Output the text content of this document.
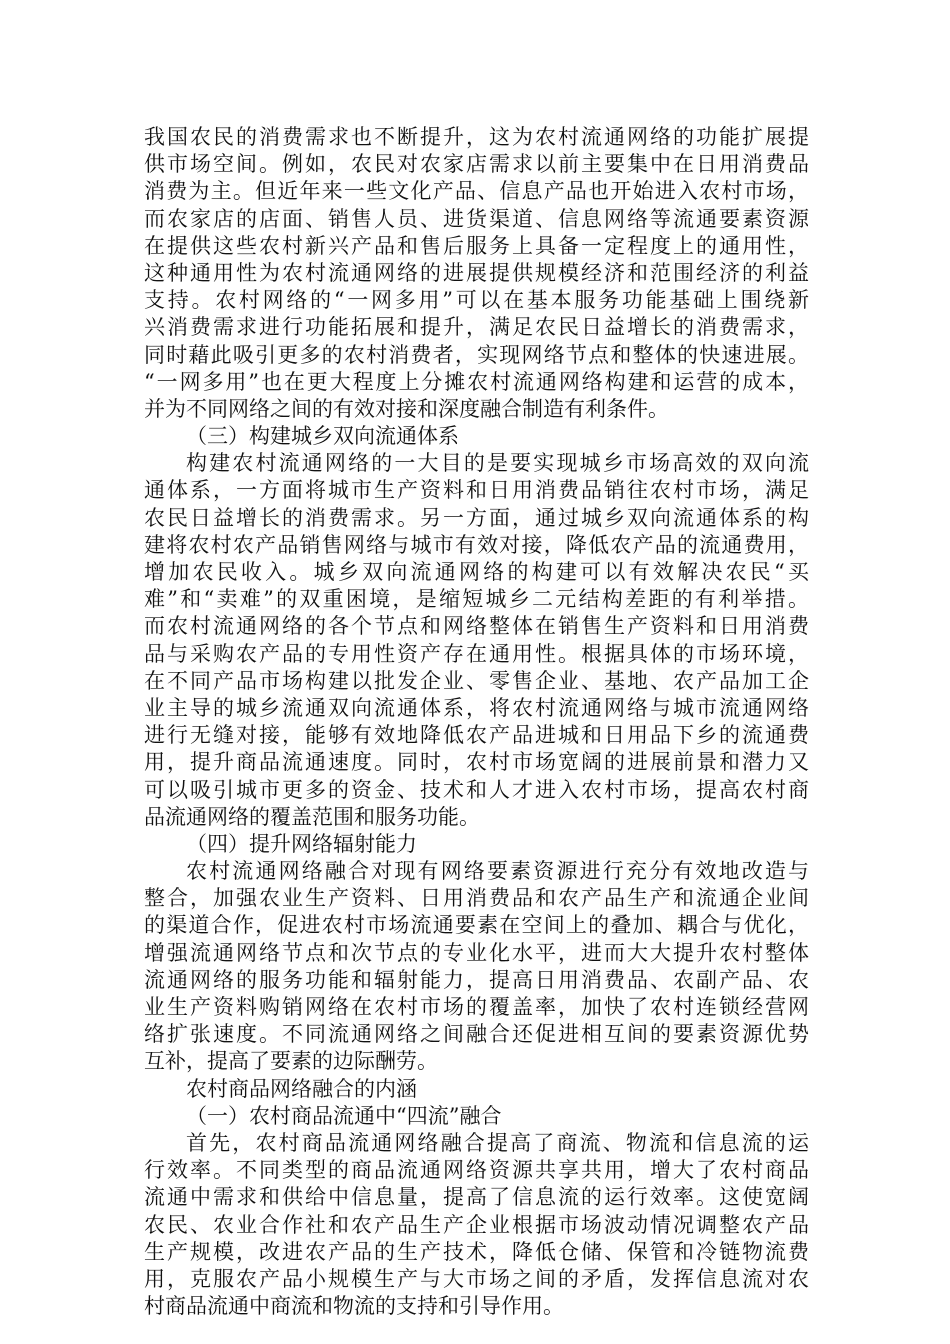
我国农民的消费需求也不断提升，这为农村流通网络的功能扩展提
供市场空间。例如，农民对农家店需求以前主要集中在日用消费品
消费为主。但近年来一些文化产品、信息产品也开始进入农村市场，
而农家店的店面、销售人员、进货渠道、信息网络等流通要素资源
在提供这些农村新兴产品和售后服务上具备一定程度上的通用性，
这种通用性为农村流通网络的进展提供规模经济和范围经济的利益
支持。农村网络的“一网多用”可以在基本服务功能基础上围绕新
兴消费需求进行功能拓展和提升，满足农民日益增长的消费需求，
同时藉此吸引更多的农村消费者，实现网络节点和整体的快速进展。
“一网多用”也在更大程度上分摊农村流通网络构建和运营的成本，
并为不同网络之间的有效对接和深度融合制造有利条件。
（三）构建城乡双向流通体系
构建农村流通网络的一大目的是要实现城乡市场高效的双向流
通体系，一方面将城市生产资料和日用消费品销往农村市场，满足
农民日益增长的消费需求。另一方面，通过城乡双向流通体系的构
建将农村农产品销售网络与城市有效对接，降低农产品的流通费用，
增加农民收入。城乡双向流通网络的构建可以有效解决农民“买
难”和“卖难”的双重困境，是缩短城乡二元结构差距的有利举措。
而农村流通网络的各个节点和网络整体在销售生产资料和日用消费
品与采购农产品的专用性资产存在通用性。根据具体的市场环境，
在不同产品市场构建以批发企业、零售企业、基地、农产品加工企
业主导的城乡流通双向流通体系，将农村流通网络与城市流通网络
进行无缝对接，能够有效地降低农产品进城和日用品下乡的流通费
用，提升商品流通速度。同时，农村市场宽阔的进展前景和潜力又
可以吸引城市更多的资金、技术和人才进入农村市场，提高农村商
品流通网络的覆盖范围和服务功能。
（四）提升网络辐射能力
农村流通网络融合对现有网络要素资源进行充分有效地改造与
整合，加强农业生产资料、日用消费品和农产品生产和流通企业间
的渠道合作，促进农村市场流通要素在空间上的叠加、耦合与优化，
增强流通网络节点和次节点的专业化水平，进而大大提升农村整体
流通网络的服务功能和辐射能力，提高日用消费品、农副产品、农
业生产资料购销网络在农村市场的覆盖率，加快了农村连锁经营网
络扩张速度。不同流通网络之间融合还促进相互间的要素资源优势
互补，提高了要素的边际酬劳。
农村商品网络融合的内涵
（一）农村商品流通中“四流”融合
首先，农村商品流通网络融合提高了商流、物流和信息流的运
行效率。不同类型的商品流通网络资源共享共用，增大了农村商品
流通中需求和供给中信息量，提高了信息流的运行效率。这使宽阔
农民、农业合作社和农产品生产企业根据市场波动情况调整农产品
生产规模，改进农产品的生产技术，降低仓储、保管和冷链物流费
用，克服农产品小规模生产与大市场之间的矛盾，发挥信息流对农
村商品流通中商流和物流的支持和引导作用。
